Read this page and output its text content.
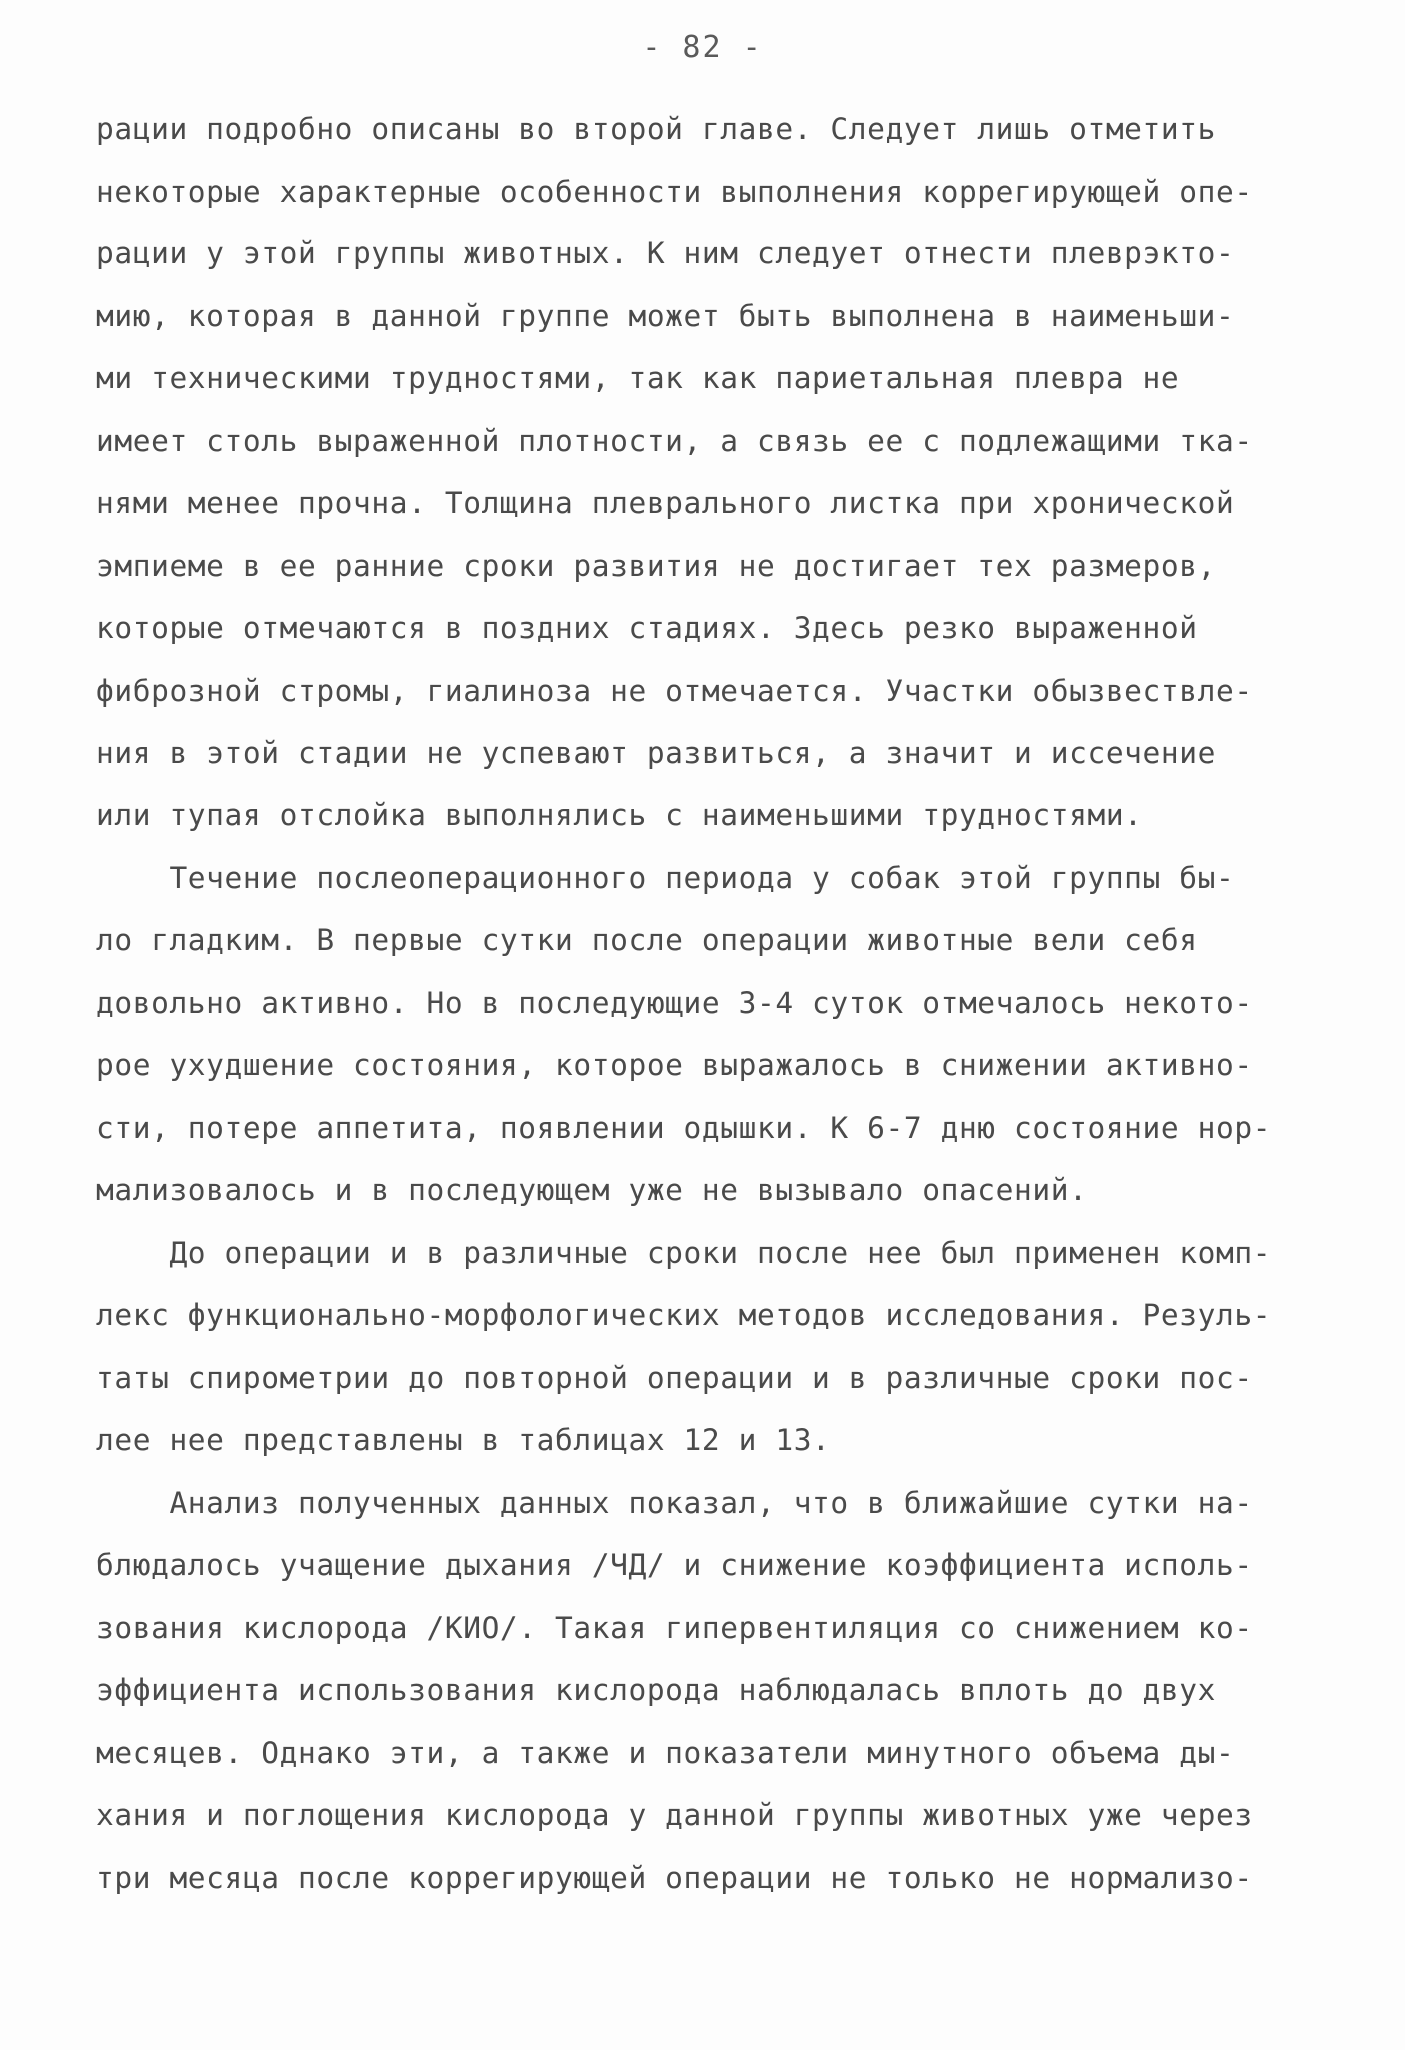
- 82 -
рации подробно описаны во второй главе. Следует лишь отметить
некоторые характерные особенности выполнения коррегирующей опе-
рации у этой группы животных. К ним следует отнести плеврэкто-
мию, которая в данной группе может быть выполнена в наименьши-
ми техническими трудностями, так как париетальная плевра не
имеет столь выраженной плотности, а связь ее с подлежащими тка-
нями менее прочна. Толщина плеврального листка при хронической
эмпиеме в ее ранние сроки развития не достигает тех размеров,
которые отмечаются в поздних стадиях. Здесь резко выраженной
фиброзной стромы, гиалиноза не отмечается. Участки обызвествле-
ния в этой стадии не успевают развиться, а значит и иссечение
или тупая отслойка выполнялись с наименьшими трудностями.
Течение послеоперационного периода у собак этой группы бы-
ло гладким. В первые сутки после операции животные вели себя
довольно активно. Но в последующие 3-4 суток отмечалось некото-
рое ухудшение состояния, которое выражалось в снижении активно-
сти, потере аппетита, появлении одышки. К 6-7 дню состояние нор-
мализовалось и в последующем уже не вызывало опасений.
До операции и в различные сроки после нее был применен комп-
лекс функционально-морфологических методов исследования. Резуль-
таты спирометрии до повторной операции и в различные сроки пос-
лее нее представлены в таблицах 12 и 13.
Анализ полученных данных показал, что в ближайшие сутки на-
блюдалось учащение дыхания /ЧД/ и снижение коэффициента исполь-
зования кислорода /КИО/. Такая гипервентиляция со снижением ко-
эффициента использования кислорода наблюдалась вплоть до двух
месяцев. Однако эти, а также и показатели минутного объема ды-
хания и поглощения кислорода у данной группы животных уже через
три месяца после коррегирующей операции не только не нормализо-
